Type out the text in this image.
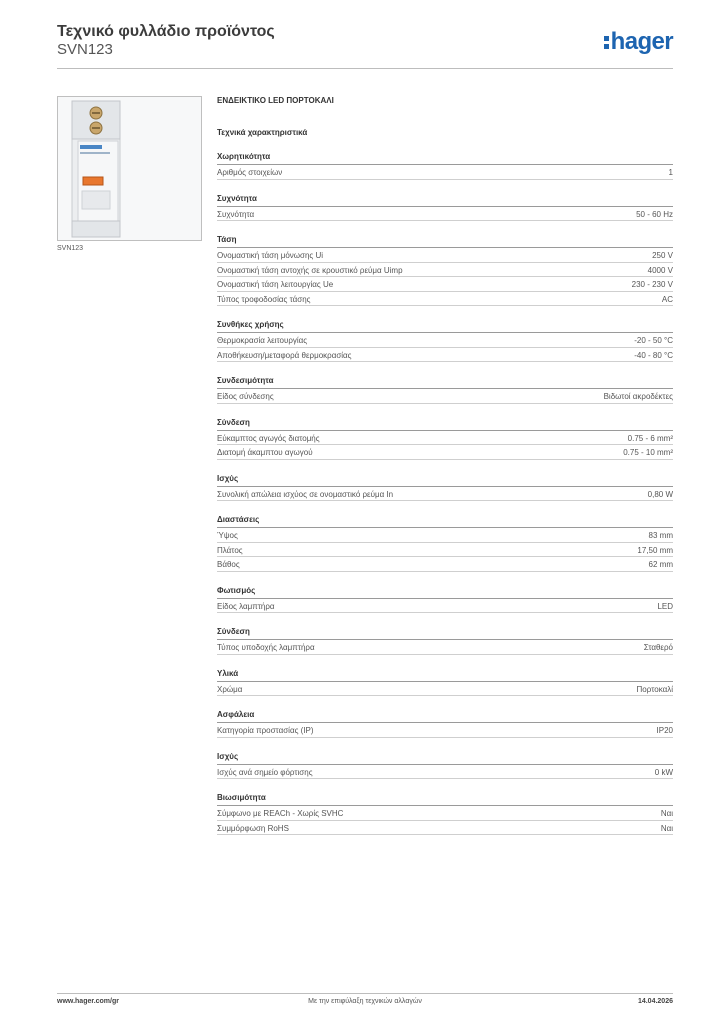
Τεχνικό φυλλάδιο προϊόντος
SVN123	hager
SVN123
ΕΝΔΕΙΚΤΙΚΟ LED ΠΟΡΤΟΚΑΛΙ
Τεχνικά χαρακτηριστικά
Χωρητικότητα
Αριθμός στοιχείων	1
Συχνότητα
Συχνότητα	50 - 60 Hz
Τάση
Ονομαστική τάση μόνωσης Ui	250 V
Ονομαστική τάση αντοχής σε κρουστικό ρεύμα Uimp	4000 V
Ονομαστική τάση λειτουργίας Ue	230 - 230 V
Τύπος τροφοδοσίας τάσης	AC
Συνθήκες χρήσης
Θερμοκρασία λειτουργίας	-20 - 50 °C
Αποθήκευση/μεταφορά θερμοκρασίας	-40 - 80 °C
Συνδεσιμότητα
Είδος σύνδεσης	Βιδωτοί ακροδέκτες
Σύνδεση
Εύκαμπτος αγωγός διατομής	0.75 - 6 mm²
Διατομή άκαμπτου αγωγού	0.75 - 10 mm²
Ισχύς
Συνολική απώλεια ισχύος σε ονομαστικό ρεύμα In	0,80 W
Διαστάσεις
Ύψος	83 mm
Πλάτος	17,50 mm
Βάθος	62 mm
Φωτισμός
Είδος λαμπτήρα	LED
Σύνδεση
Τύπος υποδοχής λαμπτήρα	Σταθερό
Υλικά
Χρώμα	Πορτοκαλί
Ασφάλεια
Κατηγορία προστασίας (IP)	IP20
Ισχύς
Ισχύς ανά σημείο φόρτισης	0 kW
Βιωσιμότητα
Σύμφωνο με REACh - Χωρίς SVHC	Ναι
Συμμόρφωση RoHS	Ναι
Με την επιφύλαξη τεχνικών αλλαγών
www.hager.com/gr	14.04.2026
